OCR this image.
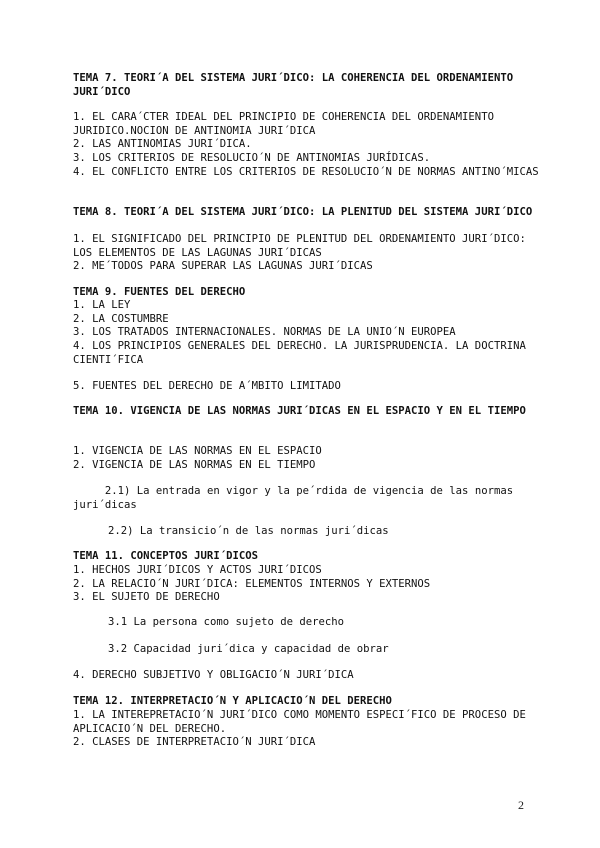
TEMA 7. TEORI´A DEL SISTEMA JURI´DICO: LA COHERENCIA DEL ORDENAMIENTO JURI´DICO
1. EL CARA´CTER IDEAL DEL PRINCIPIO DE COHERENCIA DEL ORDENAMIENTO JURIDICO.NOCION DE ANTINOMIA JURI´DICA
2. LAS ANTINOMIAS JURI´DICA.
3. LOS CRITERIOS DE RESOLUCIO´N DE ANTINOMIAS JURÍDICAS.
4. EL CONFLICTO ENTRE LOS CRITERIOS DE RESOLUCIO´N DE NORMAS ANTINO´MICAS
TEMA 8. TEORI´A DEL SISTEMA JURI´DICO: LA PLENITUD DEL SISTEMA JURI´DICO
1. EL SIGNIFICADO DEL PRINCIPIO DE PLENITUD DEL ORDENAMIENTO JURI´DICO: LOS ELEMENTOS DE LAS LAGUNAS JURI´DICAS
2. ME´TODOS PARA SUPERAR LAS LAGUNAS JURI´DICAS
TEMA 9. FUENTES DEL DERECHO
1. LA LEY
2. LA COSTUMBRE
3. LOS TRATADOS INTERNACIONALES. NORMAS DE LA UNIO´N EUROPEA
4. LOS PRINCIPIOS GENERALES DEL DERECHO. LA JURISPRUDENCIA. LA DOCTRINA CIENTI´FICA
5. FUENTES DEL DERECHO DE A´MBITO LIMITADO
TEMA 10. VIGENCIA DE LAS NORMAS JURI´DICAS EN EL ESPACIO Y EN EL TIEMPO
1. VIGENCIA DE LAS NORMAS EN EL ESPACIO
2. VIGENCIA DE LAS NORMAS EN EL TIEMPO
2.1) La entrada en vigor y la pe´rdida de vigencia de las normas juri´dicas
2.2) La transicio´n de las normas juri´dicas
TEMA 11. CONCEPTOS JURI´DICOS
1. HECHOS JURI´DICOS Y ACTOS JURI´DICOS
2. LA RELACIO´N JURI´DICA: ELEMENTOS INTERNOS Y EXTERNOS
3. EL SUJETO DE DERECHO
3.1 La persona como sujeto de derecho
3.2 Capacidad juri´dica y capacidad de obrar
4. DERECHO SUBJETIVO Y OBLIGACIO´N JURI´DICA
TEMA 12. INTERPRETACIO´N Y APLICACIO´N DEL DERECHO
1. LA INTEREPRETACIO´N JURI´DICO COMO MOMENTO ESPECI´FICO DE PROCESO DE APLICACIO´N DEL DERECHO.
2. CLASES DE INTERPRETACIO´N JURI´DICA
2
